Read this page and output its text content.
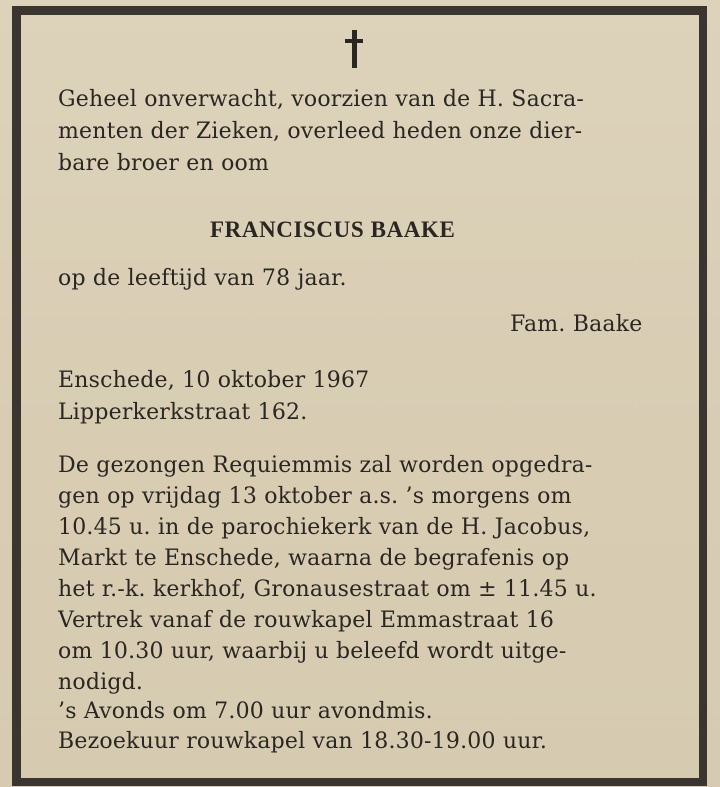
Geheel onverwacht, voorzien van de H. Sacra-

menten der Zieken, overleed heden onze dier-

bare broer en oom

FRANCISCUS BAAKE

op de leeftijd van 78 jaar.

Fam. Baake

Enschede, 10 oktober 1967

Lipperkerkstraat 162.

De gezongen Requiemmis zal worden opgedra-

gen op vrijdag 13 oktober a.s. ’s morgens om

10.45 u. in de parochiekerk van de H. Jacobus,

Markt te Enschede, waarna de begrafenis op

het r.-k. kerkhof, Gronausestraat om ± 11.45 u.

Vertrek vanaf de rouwkapel Emmastraat 16

om 10.30 uur, waarbij u beleefd wordt uitge-

nodigd.

’s Avonds om 7.00 uur avondmis.

Bezoekuur rouwkapel van 18.30-19.00 uur.
